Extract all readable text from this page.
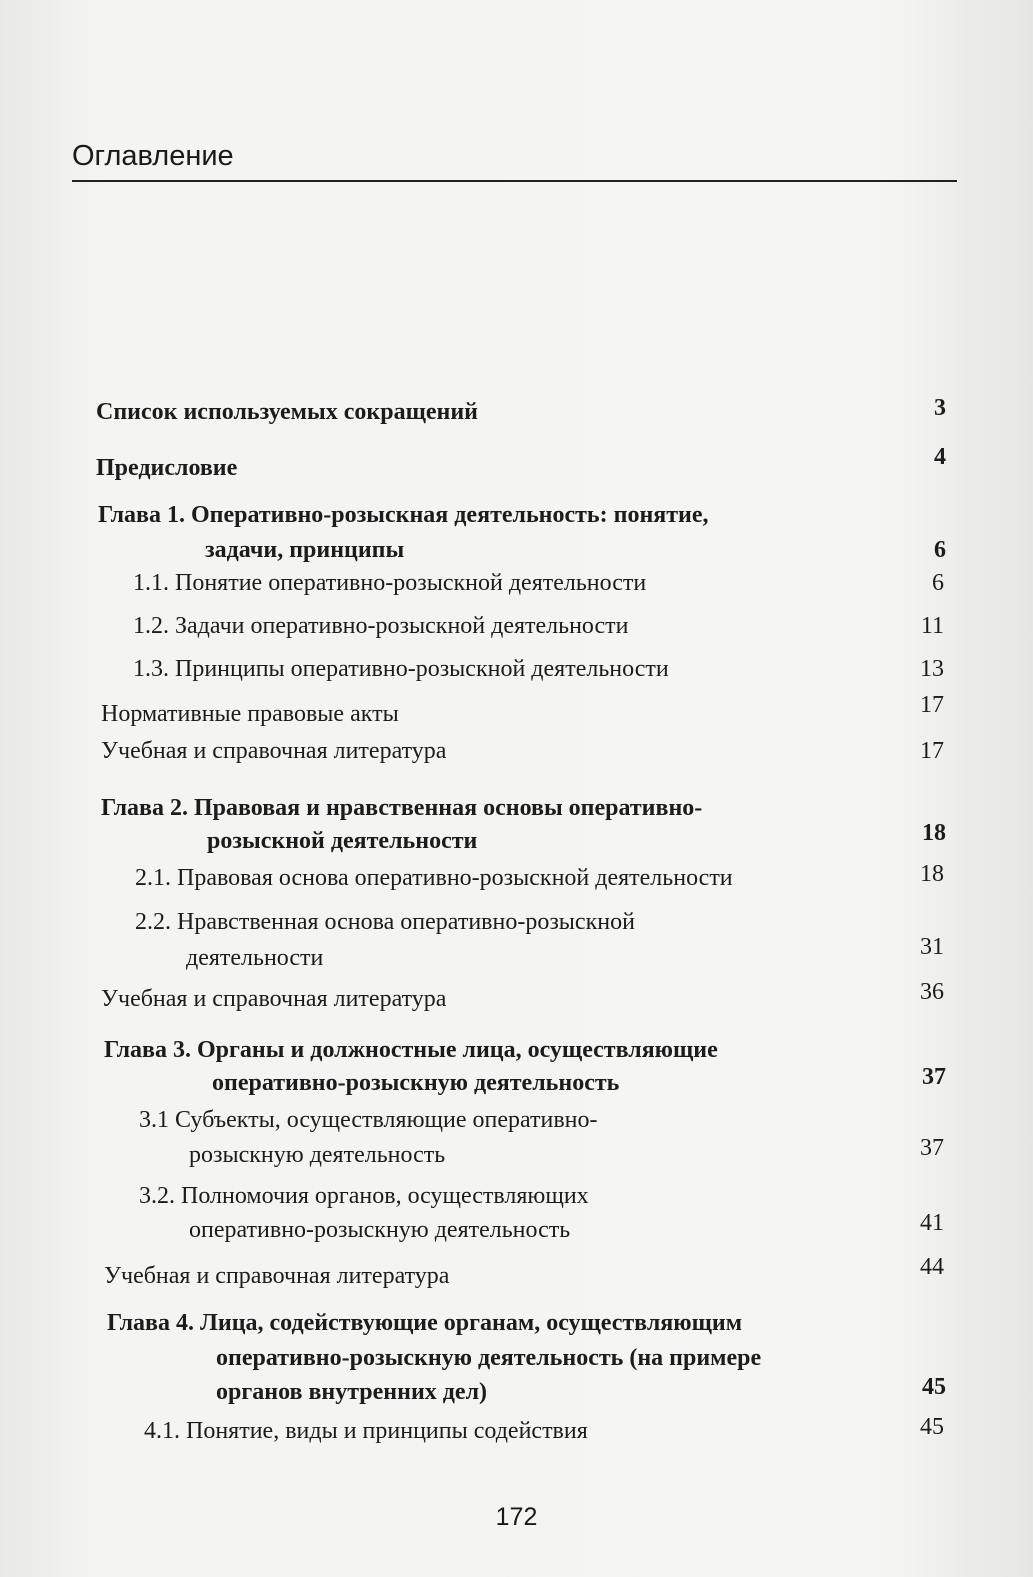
Оглавление
Список используемых сокращений	3
Предисловие	4
Глава 1. Оперативно-розыскная деятельность: понятие,
задачи, принципы	6
1.1. Понятие оперативно-розыскной деятельности	6
1.2. Задачи оперативно-розыскной деятельности	11
1.3. Принципы оперативно-розыскной деятельности	13
Нормативные правовые акты	17
Учебная и справочная литература	17
Глава 2. Правовая и нравственная основы оперативно-
розыскной деятельности	18
2.1. Правовая основа оперативно-розыскной деятельности	18
2.2. Нравственная основа оперативно-розыскной
деятельности	31
Учебная и справочная литература	36
Глава 3. Органы и должностные лица, осуществляющие
оперативно-розыскную деятельность	37
3.1 Субъекты, осуществляющие оперативно-
розыскную деятельность	37
3.2. Полномочия органов, осуществляющих
оперативно-розыскную деятельность	41
Учебная и справочная литература	44
Глава 4. Лица, содействующие органам, осуществляющим
оперативно-розыскную деятельность (на примере
органов внутренних дел)	45
4.1. Понятие, виды и принципы содействия	45
172
